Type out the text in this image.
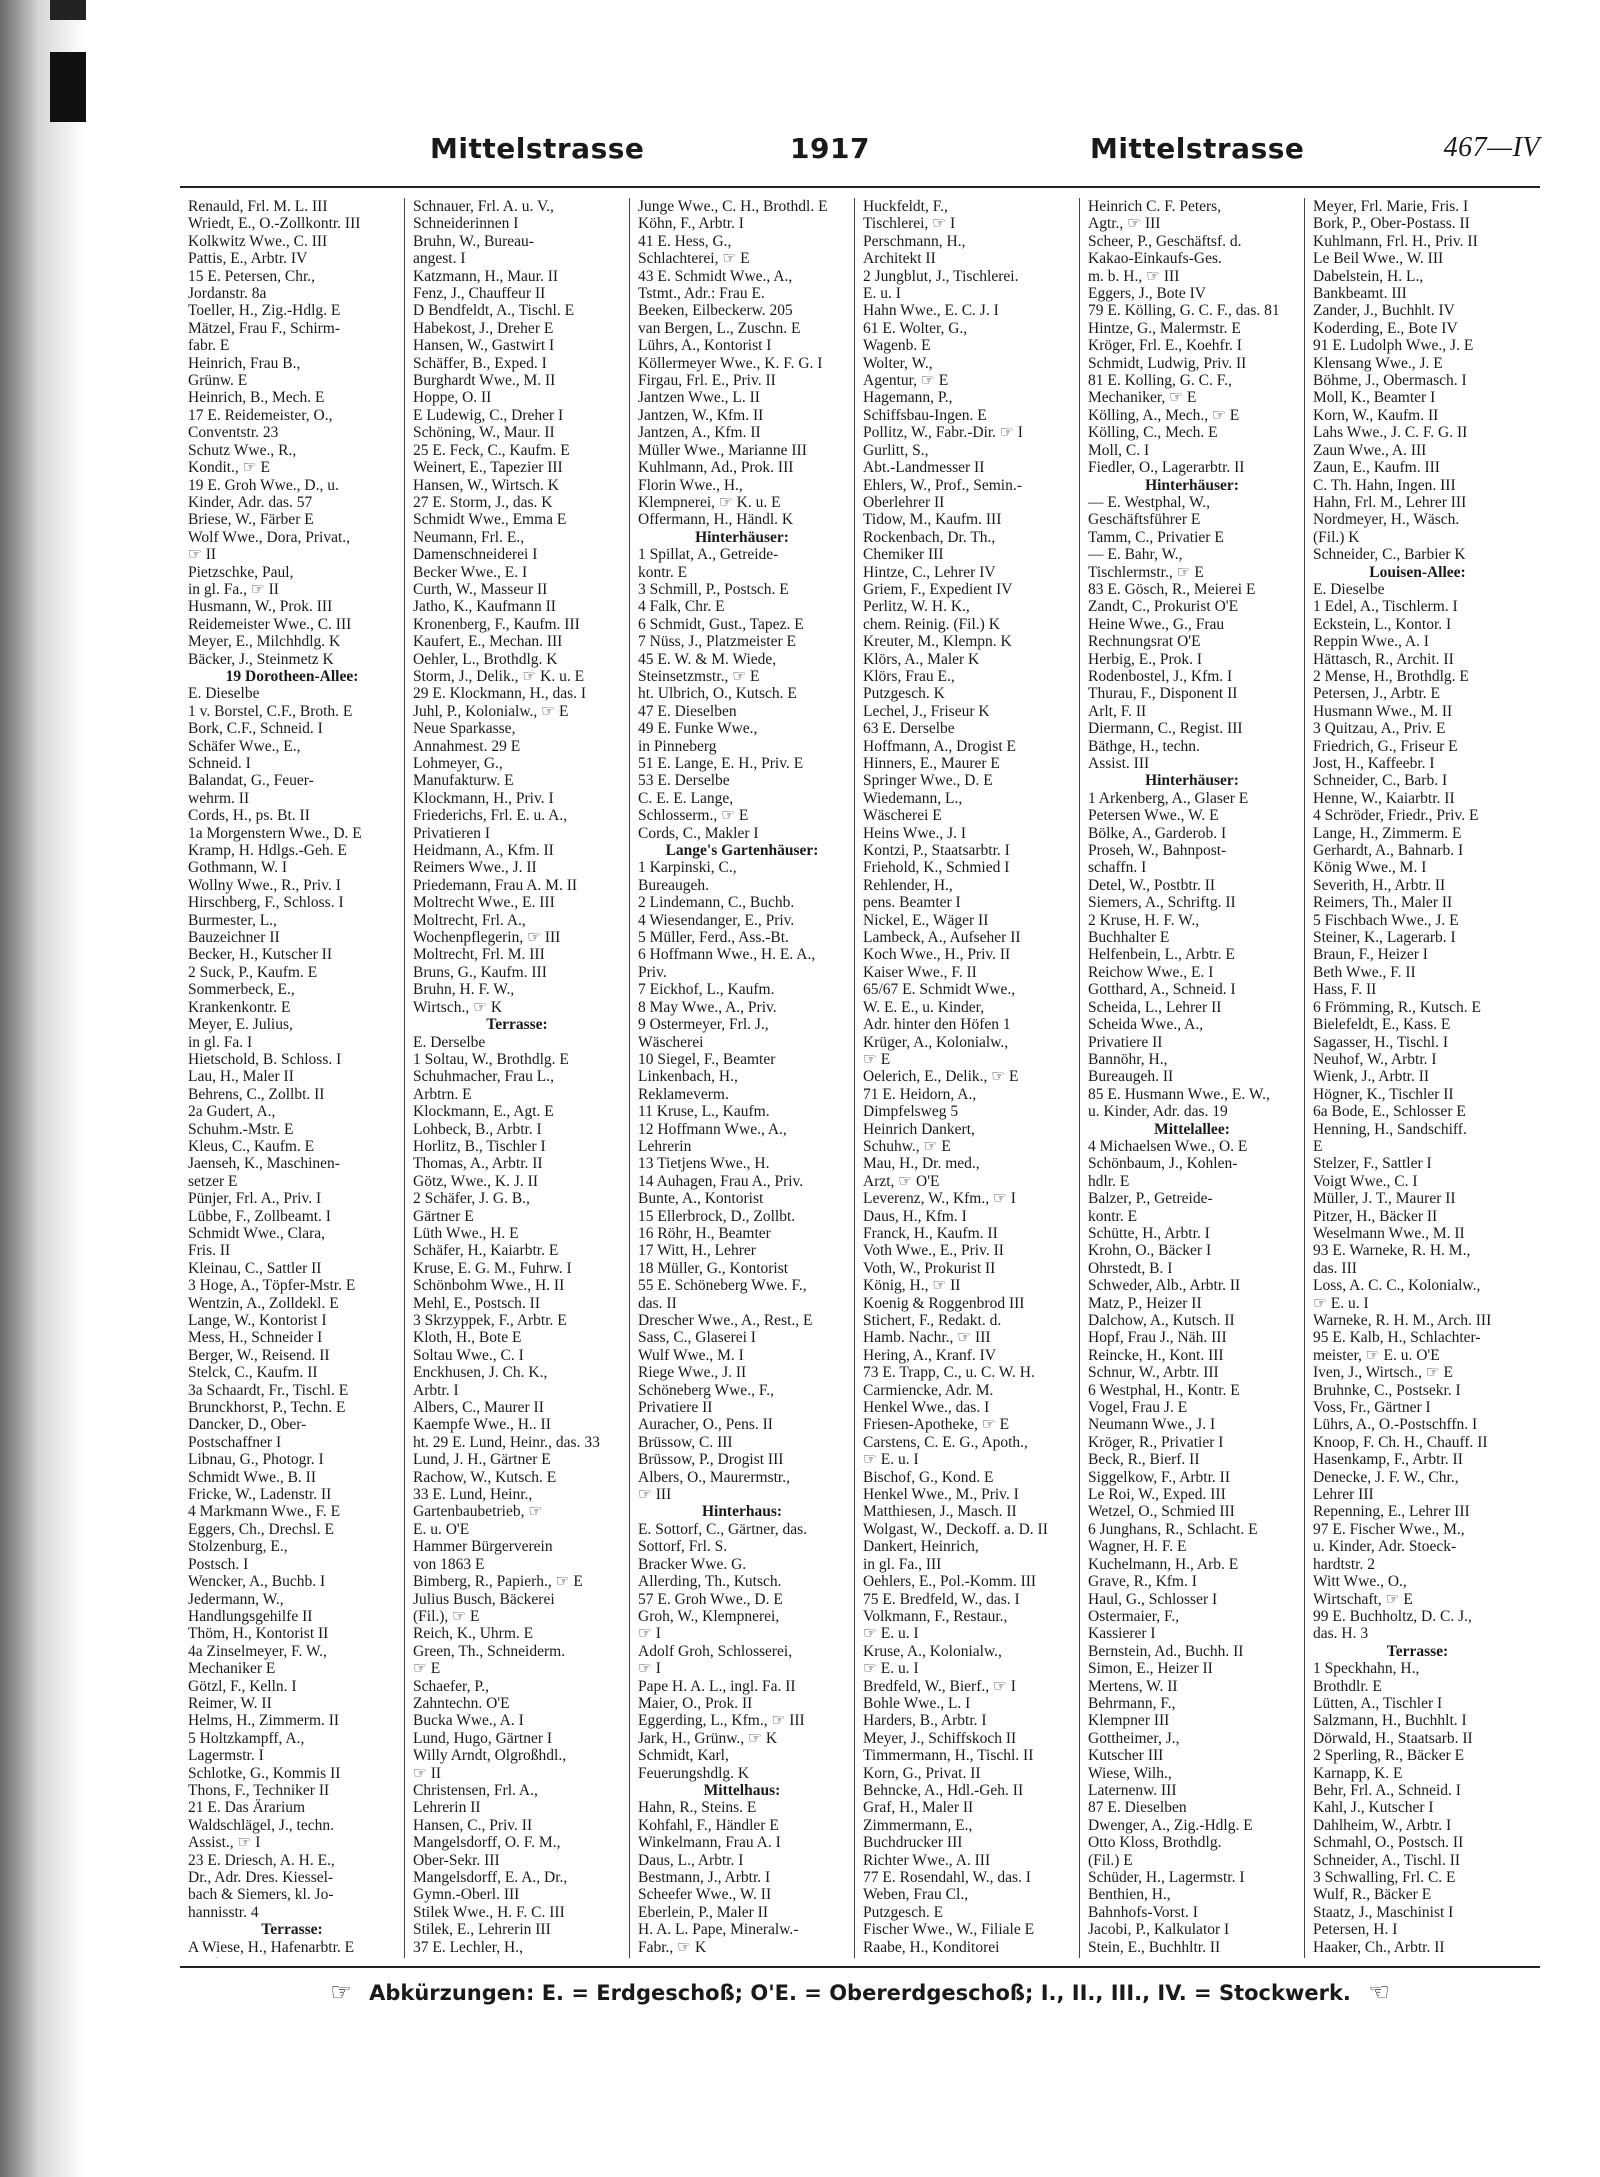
Mittelstrasse	1917	Mittelstrasse	467—IV
Renauld, Frl. M. L. III
Wriedt, E., O.-Zollkontr. III
Kolkwitz Wwe., C. III
Pattis, E., Arbtr. IV
15 E. Petersen, Chr.,
Jordanstr. 8a
Toeller, H., Zig.-Hdlg. E
Mätzel, Frau F., Schirm-
fabr. E
Heinrich, Frau B.,
Grünw. E
Heinrich, B., Mech. E
17 E. Reidemeister, O.,
Conventstr. 23
Schutz Wwe., R.,
Kondit., ☞ E
19 E. Groh Wwe., D., u.
Kinder, Adr. das. 57
Briese, W., Färber E
Wolf Wwe., Dora, Privat.,
☞ II
Pietzschke, Paul,
in gl. Fa., ☞ II
Husmann, W., Prok. III
Reidemeister Wwe., C. III
Meyer, E., Milchhdlg. K
Bäcker, J., Steinmetz K
19 Dorotheen-Allee:
E. Dieselbe
1 v. Borstel, C.F., Broth. E
Bork, C.F., Schneid. I
Schäfer Wwe., E.,
Schneid. I
Balandat, G., Feuer-
wehrm. II
Cords, H., ps. Bt. II
1a Morgenstern Wwe., D. E
Kramp, H. Hdlgs.-Geh. E
Gothmann, W. I
Wollny Wwe., R., Priv. I
Hirschberg, F., Schloss. I
Burmester, L.,
Bauzeichner II
Becker, H., Kutscher II
2 Suck, P., Kaufm. E
Sommerbeck, E.,
Krankenkontr. E
Meyer, E. Julius,
in gl. Fa. I
Hietschold, B. Schloss. I
Lau, H., Maler II
Behrens, C., Zollbt. II
2a Gudert, A.,
Schuhm.-Mstr. E
Kleus, C., Kaufm. E
Jaenseh, K., Maschinen-
setzer E
Pünjer, Frl. A., Priv. I
Lübbe, F., Zollbeamt. I
Schmidt Wwe., Clara,
Fris. II
Kleinau, C., Sattler II
3 Hoge, A., Töpfer-Mstr. E
Wentzin, A., Zolldekl. E
Lange, W., Kontorist I
Mess, H., Schneider I
Berger, W., Reisend. II
Stelck, C., Kaufm. II
3a Schaardt, Fr., Tischl. E
Brunckhorst, P., Techn. E
Dancker, D., Ober-
Postschaffner I
Libnau, G., Photogr. I
Schmidt Wwe., B. II
Fricke, W., Ladenstr. II
4 Markmann Wwe., F. E
Eggers, Ch., Drechsl. E
Stolzenburg, E.,
Postsch. I
Wencker, A., Buchb. I
Jedermann, W.,
Handlungsgehilfe II
Thöm, H., Kontorist II
4a Zinselmeyer, F. W.,
Mechaniker E
Götzl, F., Kelln. I
Reimer, W. II
Helms, H., Zimmerm. II
5 Holtzkampff, A.,
Lagermstr. I
Schlotke, G., Kommis II
Thons, F., Techniker II
21 E. Das Ärarium
Waldschlägel, J., techn.
Assist., ☞ I
23 E. Driesch, A. H. E.,
Dr., Adr. Dres. Kiessel-
bach & Siemers, kl. Jo-
hannisstr. 4
Terrasse:
A Wiese, H., Hafenarbtr. E
Schnauer, Frl. A. u. V.,
Schneiderinnen I
Bruhn, W., Bureau-
angest. I
Katzmann, H., Maur. II
Fenz, J., Chauffeur II
D Bendfeldt, A., Tischl. E
Habekost, J., Dreher E
Hansen, W., Gastwirt I
Schäffer, B., Exped. I
Burghardt Wwe., M. II
Hoppe, O. II
E Ludewig, C., Dreher I
Schöning, W., Maur. II
25 E. Feck, C., Kaufm. E
Weinert, E., Tapezier III
Hansen, W., Wirtsch. K
27 E. Storm, J., das. K
Schmidt Wwe., Emma E
Neumann, Frl. E.,
Damenschneiderei I
Becker Wwe., E. I
Curth, W., Masseur II
Jatho, K., Kaufmann II
Kronenberg, F., Kaufm. III
Kaufert, E., Mechan. III
Oehler, L., Brothdlg. K
Storm, J., Delik., ☞ K. u. E
29 E. Klockmann, H., das. I
Juhl, P., Kolonialw., ☞ E
Neue Sparkasse,
Annahmest. 29 E
Lohmeyer, G.,
Manufakturw. E
Klockmann, H., Priv. I
Friederichs, Frl. E. u. A.,
Privatieren I
Heidmann, A., Kfm. II
Reimers Wwe., J. II
Priedemann, Frau A. M. II
Moltrecht Wwe., E. III
Moltrecht, Frl. A.,
Wochenpflegerin, ☞ III
Moltrecht, Frl. M. III
Bruns, G., Kaufm. III
Bruhn, H. F. W.,
Wirtsch., ☞ K
Terrasse:
E. Derselbe
1 Soltau, W., Brothdlg. E
Schuhmacher, Frau L.,
Arbtrn. E
Klockmann, E., Agt. E
Lohbeck, B., Arbtr. I
Horlitz, B., Tischler I
Thomas, A., Arbtr. II
Götz, Wwe., K. J. II
2 Schäfer, J. G. B.,
Gärtner E
Lüth Wwe., H. E
Schäfer, H., Kaiarbtr. E
Kruse, E. G. M., Fuhrw. I
Schönbohm Wwe., H. II
Mehl, E., Postsch. II
3 Skrzyppek, F., Arbtr. E
Kloth, H., Bote E
Soltau Wwe., C. I
Enckhusen, J. Ch. K.,
Arbtr. I
Albers, C., Maurer II
Kaempfe Wwe., H.. II
ht. 29 E. Lund, Heinr., das. 33
Lund, J. H., Gärtner E
Rachow, W., Kutsch. E
33 E. Lund, Heinr.,
Gartenbaubetrieb, ☞
E. u. O'E
Hammer Bürgerverein
von 1863 E
Bimberg, R., Papierh., ☞ E
Julius Busch, Bäckerei
(Fil.), ☞ E
Reich, K., Uhrm. E
Green, Th., Schneiderm.
☞ E
Schaefer, P.,
Zahntechn. O'E
Bucka Wwe., A. I
Lund, Hugo, Gärtner I
Willy Arndt, Olgroßhdl.,
☞ II
Christensen, Frl. A.,
Lehrerin II
Hansen, C., Priv. II
Mangelsdorff, O. F. M.,
Ober-Sekr. III
Mangelsdorff, E. A., Dr.,
Gymn.-Oberl. III
Stilek Wwe., H. F. C. III
Stilek, E., Lehrerin III
37 E. Lechler, H.,
Junge Wwe., C. H., Brothdl. E
Köhn, F., Arbtr. I
41 E. Hess, G.,
Schlachterei, ☞ E
43 E. Schmidt Wwe., A.,
Tstmt., Adr.: Frau E.
Beeken, Eilbeckerw. 205
van Bergen, L., Zuschn. E
Lührs, A., Kontorist I
Köllermeyer Wwe., K. F. G. I
Firgau, Frl. E., Priv. II
Jantzen Wwe., L. II
Jantzen, W., Kfm. II
Jantzen, A., Kfm. II
Müller Wwe., Marianne III
Kuhlmann, Ad., Prok. III
Florin Wwe., H.,
Klempnerei, ☞ K. u. E
Offermann, H., Händl. K
Hinterhäuser:
1 Spillat, A., Getreide-
kontr. E
3 Schmill, P., Postsch. E
4 Falk, Chr. E
6 Schmidt, Gust., Tapez. E
7 Nüss, J., Platzmeister E
45 E. W. & M. Wiede,
Steinsetzmstr., ☞ E
ht. Ulbrich, O., Kutsch. E
47 E. Dieselben
49 E. Funke Wwe.,
in Pinneberg
51 E. Lange, E. H., Priv. E
53 E. Derselbe
C. E. E. Lange,
Schlosserm., ☞ E
Cords, C., Makler I
Lange's Gartenhäuser:
1 Karpinski, C.,
Bureaugeh.
2 Lindemann, C., Buchb.
4 Wiesendanger, E., Priv.
5 Müller, Ferd., Ass.-Bt.
6 Hoffmann Wwe., H. E. A.,
Priv.
7 Eickhof, L., Kaufm.
8 May Wwe., A., Priv.
9 Ostermeyer, Frl. J.,
Wäscherei
10 Siegel, F., Beamter
Linkenbach, H.,
Reklameverm.
11 Kruse, L., Kaufm.
12 Hoffmann Wwe., A.,
Lehrerin
13 Tietjens Wwe., H.
14 Auhagen, Frau A., Priv.
Bunte, A., Kontorist
15 Ellerbrock, D., Zollbt.
16 Röhr, H., Beamter
17 Witt, H., Lehrer
18 Müller, G., Kontorist
55 E. Schöneberg Wwe. F.,
das. II
Drescher Wwe., A., Rest., E
Sass, C., Glaserei I
Wulf Wwe., M. I
Riege Wwe., J. II
Schöneberg Wwe., F.,
Privatiere II
Auracher, O., Pens. II
Brüssow, C. III
Brüssow, P., Drogist III
Albers, O., Maurermstr.,
☞ III
Hinterhaus:
E. Sottorf, C., Gärtner, das.
Sottorf, Frl. S.
Bracker Wwe. G.
Allerding, Th., Kutsch.
57 E. Groh Wwe., D. E
Groh, W., Klempnerei,
☞ I
Adolf Groh, Schlosserei,
☞ I
Pape H. A. L., ingl. Fa. II
Maier, O., Prok. II
Eggerding, L., Kfm., ☞ III
Jark, H., Grünw., ☞ K
Schmidt, Karl,
Feuerungshdlg. K
Mittelhaus:
Hahn, R., Steins. E
Kohfahl, F., Händler E
Winkelmann, Frau A. I
Daus, L., Arbtr. I
Bestmann, J., Arbtr. I
Scheefer Wwe., W. II
Eberlein, P., Maler II
H. A. L. Pape, Mineralw.-
Fabr., ☞ K
Huckfeldt, F.,
Tischlerei, ☞ I
Perschmann, H.,
Architekt II
2 Jungblut, J., Tischlerei.
E. u. I
Hahn Wwe., E. C. J. I
61 E. Wolter, G.,
Wagenb. E
Wolter, W.,
Agentur, ☞ E
Hagemann, P.,
Schiffsbau-Ingen. E
Pollitz, W., Fabr.-Dir. ☞ I
Gurlitt, S.,
Abt.-Landmesser II
Ehlers, W., Prof., Semin.-
Oberlehrer II
Tidow, M., Kaufm. III
Rockenbach, Dr. Th.,
Chemiker III
Hintze, C., Lehrer IV
Griem, F., Expedient IV
Perlitz, W. H. K.,
chem. Reinig. (Fil.) K
Kreuter, M., Klempn. K
Klörs, A., Maler K
Klörs, Frau E.,
Putzgesch. K
Lechel, J., Friseur K
63 E. Derselbe
Hoffmann, A., Drogist E
Hinners, E., Maurer E
Springer Wwe., D. E
Wiedemann, L.,
Wäscherei E
Heins Wwe., J. I
Kontzi, P., Staatsarbtr. I
Friehold, K., Schmied I
Rehlender, H.,
pens. Beamter I
Nickel, E., Wäger II
Lambeck, A., Aufseher II
Koch Wwe., H., Priv. II
Kaiser Wwe., F. II
65/67 E. Schmidt Wwe.,
W. E. E., u. Kinder,
Adr. hinter den Höfen 1
Krüger, A., Kolonialw.,
☞ E
Oelerich, E., Delik., ☞ E
71 E. Heidorn, A.,
Dimpfelsweg 5
Heinrich Dankert,
Schuhw., ☞ E
Mau, H., Dr. med.,
Arzt, ☞ O'E
Leverenz, W., Kfm., ☞ I
Daus, H., Kfm. I
Franck, H., Kaufm. II
Voth Wwe., E., Priv. II
Voth, W., Prokurist II
König, H., ☞ II
Koenig & Roggenbrod III
Stichert, F., Redakt. d.
Hamb. Nachr., ☞ III
Hering, A., Kranf. IV
73 E. Trapp, C., u. C. W. H.
Carmiencke, Adr. M.
Henkel Wwe., das. I
Friesen-Apotheke, ☞ E
Carstens, C. E. G., Apoth.,
☞ E. u. I
Bischof, G., Kond. E
Henkel Wwe., M., Priv. I
Matthiesen, J., Masch. II
Wolgast, W., Deckoff. a. D. II
Dankert, Heinrich,
in gl. Fa., III
Oehlers, E., Pol.-Komm. III
75 E. Bredfeld, W., das. I
Volkmann, F., Restaur.,
☞ E. u. I
Kruse, A., Kolonialw.,
☞ E. u. I
Bredfeld, W., Bierf., ☞ I
Bohle Wwe., L. I
Harders, B., Arbtr. I
Meyer, J., Schiffskoch II
Timmermann, H., Tischl. II
Korn, G., Privat. II
Behncke, A., Hdl.-Geh. II
Graf, H., Maler II
Zimmermann, E.,
Buchdrucker III
Richter Wwe., A. III
77 E. Rosendahl, W., das. I
Weben, Frau Cl.,
Putzgesch. E
Fischer Wwe., W., Filiale E
Raabe, H., Konditorei
Heinrich C. F. Peters,
Agtr., ☞ III
Scheer, P., Geschäftsf. d.
Kakao-Einkaufs-Ges.
m. b. H., ☞ III
Eggers, J., Bote IV
79 E. Kölling, G. C. F., das. 81
Hintze, G., Malermstr. E
Kröger, Frl. E., Koehfr. I
Schmidt, Ludwig, Priv. II
81 E. Kolling, G. C. F.,
Mechaniker, ☞ E
Kölling, A., Mech., ☞ E
Kölling, C., Mech. E
Moll, C. I
Fiedler, O., Lagerarbtr. II
Hinterhäuser:
— E. Westphal, W.,
Geschäftsführer E
Tamm, C., Privatier E
— E. Bahr, W.,
Tischlermstr., ☞ E
83 E. Gösch, R., Meierei E
Zandt, C., Prokurist O'E
Heine Wwe., G., Frau
Rechnungsrat O'E
Herbig, E., Prok. I
Rodenbostel, J., Kfm. I
Thurau, F., Disponent II
Arlt, F. II
Diermann, C., Regist. III
Bäthge, H., techn.
Assist. III
Hinterhäuser:
1 Arkenberg, A., Glaser E
Petersen Wwe., W. E
Bölke, A., Garderob. I
Proseh, W., Bahnpost-
schaffn. I
Detel, W., Postbtr. II
Siemers, A., Schriftg. II
2 Kruse, H. F. W.,
Buchhalter E
Helfenbein, L., Arbtr. E
Reichow Wwe., E. I
Gotthard, A., Schneid. I
Scheida, L., Lehrer II
Scheida Wwe., A.,
Privatiere II
Bannöhr, H.,
Bureaugeh. II
85 E. Husmann Wwe., E. W.,
u. Kinder, Adr. das. 19
Mittelallee:
4 Michaelsen Wwe., O. E
Schönbaum, J., Kohlen-
hdlr. E
Balzer, P., Getreide-
kontr. E
Schütte, H., Arbtr. I
Krohn, O., Bäcker I
Ohrstedt, B. I
Schweder, Alb., Arbtr. II
Matz, P., Heizer II
Dalchow, A., Kutsch. II
Hopf, Frau J., Näh. III
Reincke, H., Kont. III
Schnur, W., Arbtr. III
6 Westphal, H., Kontr. E
Vogel, Frau J. E
Neumann Wwe., J. I
Kröger, R., Privatier I
Beck, R., Bierf. II
Siggelkow, F., Arbtr. II
Le Roi, W., Exped. III
Wetzel, O., Schmied III
6 Junghans, R., Schlacht. E
Wagner, H. F. E
Kuchelmann, H., Arb. E
Grave, R., Kfm. I
Haul, G., Schlosser I
Ostermaier, F.,
Kassierer I
Bernstein, Ad., Buchh. II
Simon, E., Heizer II
Mertens, W. II
Behrmann, F.,
Klempner III
Gottheimer, J.,
Kutscher III
Wiese, Wilh.,
Laternenw. III
87 E. Dieselben
Dwenger, A., Zig.-Hdlg. E
Otto Kloss, Brothdlg.
(Fil.) E
Schüder, H., Lagermstr. I
Benthien, H.,
Bahnhofs-Vorst. I
Jacobi, P., Kalkulator I
Stein, E., Buchhltr. II
Meyer, Frl. Marie, Fris. I
Bork, P., Ober-Postass. II
Kuhlmann, Frl. H., Priv. II
Le Beil Wwe., W. III
Dabelstein, H. L.,
Bankbeamt. III
Zander, J., Buchhlt. IV
Koderding, E., Bote IV
91 E. Ludolph Wwe., J. E
Klensang Wwe., J. E
Böhme, J., Obermasch. I
Moll, K., Beamter I
Korn, W., Kaufm. II
Lahs Wwe., J. C. F. G. II
Zaun Wwe., A. III
Zaun, E., Kaufm. III
C. Th. Hahn, Ingen. III
Hahn, Frl. M., Lehrer III
Nordmeyer, H., Wäsch.
(Fil.) K
Schneider, C., Barbier K
Louisen-Allee:
E. Dieselbe
1 Edel, A., Tischlerm. I
Eckstein, L., Kontor. I
Reppin Wwe., A. I
Hättasch, R., Archit. II
2 Mense, H., Brothdlg. E
Petersen, J., Arbtr. E
Husmann Wwe., M. II
3 Quitzau, A., Priv. E
Friedrich, G., Friseur E
Jost, H., Kaffeebr. I
Schneider, C., Barb. I
Henne, W., Kaiarbtr. II
4 Schröder, Friedr., Priv. E
Lange, H., Zimmerm. E
Gerhardt, A., Bahnarb. I
König Wwe., M. I
Severith, H., Arbtr. II
Reimers, Th., Maler II
5 Fischbach Wwe., J. E
Steiner, K., Lagerarb. I
Braun, F., Heizer I
Beth Wwe., F. II
Hass, F. II
6 Frömming, R., Kutsch. E
Bielefeldt, E., Kass. E
Sagasser, H., Tischl. I
Neuhof, W., Arbtr. I
Wienk, J., Arbtr. II
Högner, K., Tischler II
6a Bode, E., Schlosser E
Henning, H., Sandschiff.
E
Stelzer, F., Sattler I
Voigt Wwe., C. I
Müller, J. T., Maurer II
Pitzer, H., Bäcker II
Weselmann Wwe., M. II
93 E. Warneke, R. H. M.,
das. III
Loss, A. C. C., Kolonialw.,
☞ E. u. I
Warneke, R. H. M., Arch. III
95 E. Kalb, H., Schlachter-
meister, ☞ E. u. O'E
Iven, J., Wirtsch., ☞ E
Bruhnke, C., Postsekr. I
Voss, Fr., Gärtner I
Lührs, A., O.-Postschffn. I
Knoop, F. Ch. H., Chauff. II
Hasenkamp, F., Arbtr. II
Denecke, J. F. W., Chr.,
Lehrer III
Repenning, E., Lehrer III
97 E. Fischer Wwe., M.,
u. Kinder, Adr. Stoeck-
hardtstr. 2
Witt Wwe., O.,
Wirtschaft, ☞ E
99 E. Buchholtz, D. C. J.,
das. H. 3
Terrasse:
1 Speckhahn, H.,
Brothdlr. E
Lütten, A., Tischler I
Salzmann, H., Buchhlt. I
Dörwald, H., Staatsarb. II
2 Sperling, R., Bäcker E
Karnapp, K. E
Behr, Frl. A., Schneid. I
Kahl, J., Kutscher I
Dahlheim, W., Arbtr. I
Schmahl, O., Postsch. II
Schneider, A., Tischl. II
3 Schwalling, Frl. C. E
Wulf, R., Bäcker E
Staatz, J., Maschinist I
Petersen, H. I
Haaker, Ch., Arbtr. II
☞ Abkürzungen: E. = Erdgeschoß; O'E. = Obererdgeschoß; I., II., III., IV. = Stockwerk. ☜
